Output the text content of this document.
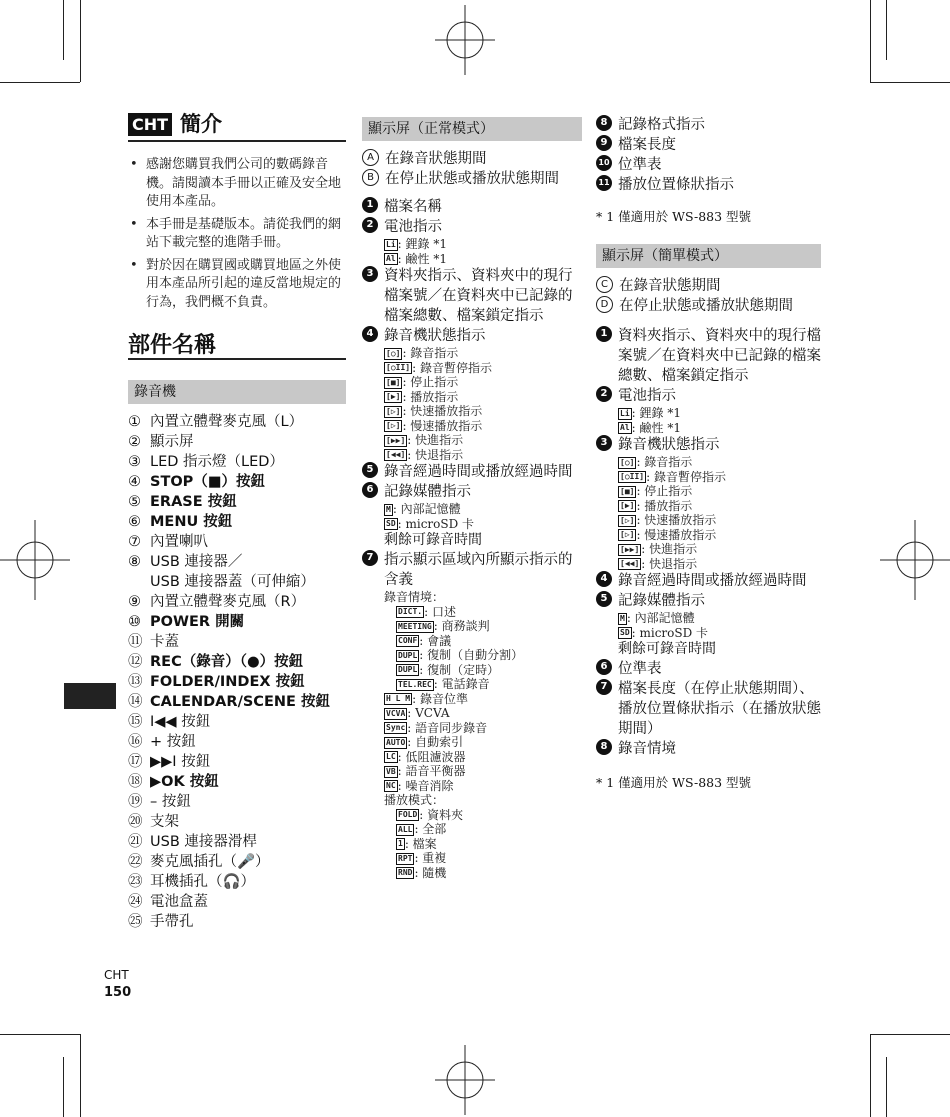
CHT 簡介
• 感謝您購買我們公司的數碼錄音機。請閱讀本手冊以正確及安全地使用本產品。
• 本手冊是基礎版本。請從我們的網站下載完整的進階手冊。
• 對於因在購買國或購買地區之外使用本產品所引起的違反當地規定的行為，我們概不負責。
部件名稱
錄音機
① 內置立體聲麥克風（L）
② 顯示屏
③ LED 指示燈（LED）
④ STOP（■）按鈕
⑤ ERASE 按鈕
⑥ MENU 按鈕
⑦ 內置喇叭
⑧ USB 連接器／
USB 連接器蓋（可伸縮）
⑨ 內置立體聲麥克風（R）
⑩ POWER 開關
⑪ 卡蓋
⑫ REC（錄音）（●）按鈕
⑬ FOLDER/INDEX 按鈕
⑭ CALENDAR/SCENE 按鈕
⑮ I◀◀ 按鈕
⑯ + 按鈕
⑰ ▶▶I 按鈕
⑱ ▶OK 按鈕
⑲ – 按鈕
⑳ 支架
㉑ USB 連接器滑桿
㉒ 麥克風插孔（🎤）
㉓ 耳機插孔（🎧）
㉔ 電池盒蓋
㉕ 手帶孔
顯示屏（正常模式）
A 在錄音狀態期間
B 在停止狀態或播放狀態期間
1 檔案名稱
2 電池指示
Li : 鋰錄 *1
Al : 鹼性 *1
3 資料夾指示、資料夾中的現行檔案號／在資料夾中已記錄的檔案總數、檔案鎖定指示
4 錄音機狀態指示
[○] : 錄音指示
[○II] : 錄音暫停指示
[■] : 停止指示
[▶] : 播放指示
[▷] : 快速播放指示
[▷] : 慢速播放指示
[▶▶] : 快進指示
[◀◀] : 快退指示
5 錄音經過時間或播放經過時間
6 記錄媒體指示
M : 內部記憶體
SD : microSD 卡
剩餘可錄音時間
7 指示顯示區域內所顯示指示的含義
錄音情境：
DICT. : 口述
MEETING : 商務談判
CONF : 會議
DUPL : 復制（自動分割）
DUPL : 復制（定時）
TEL.REC : 電話錄音
H L M : 錄音位準
VCVA : VCVA
Sync : 語音同步錄音
AUTO : 自動索引
LC : 低阻濾波器
VB : 語音平衡器
NC : 噪音消除
播放模式：
FOLD : 資料夾
ALL : 全部
1 : 檔案
RPT : 重複
RND : 隨機
8 記錄格式指示
9 檔案長度
10 位準表
11 播放位置條狀指示
* 1 僅適用於 WS-883 型號
顯示屏（簡單模式）
C 在錄音狀態期間
D 在停止狀態或播放狀態期間
1 資料夾指示、資料夾中的現行檔案號／在資料夾中已記錄的檔案總數、檔案鎖定指示
2 電池指示
Li : 鋰錄 *1
Al : 鹼性 *1
3 錄音機狀態指示
[○] : 錄音指示
[○II] : 錄音暫停指示
[■] : 停止指示
[▶] : 播放指示
[▷] : 快速播放指示
[▷] : 慢速播放指示
[▶▶] : 快進指示
[◀◀] : 快退指示
4 錄音經過時間或播放經過時間
5 記錄媒體指示
M : 內部記憶體
SD : microSD 卡
剩餘可錄音時間
6 位準表
7 檔案長度（在停止狀態期間）、播放位置條狀指示（在播放狀態期間）
8 錄音情境
* 1 僅適用於 WS-883 型號
CHT
150
